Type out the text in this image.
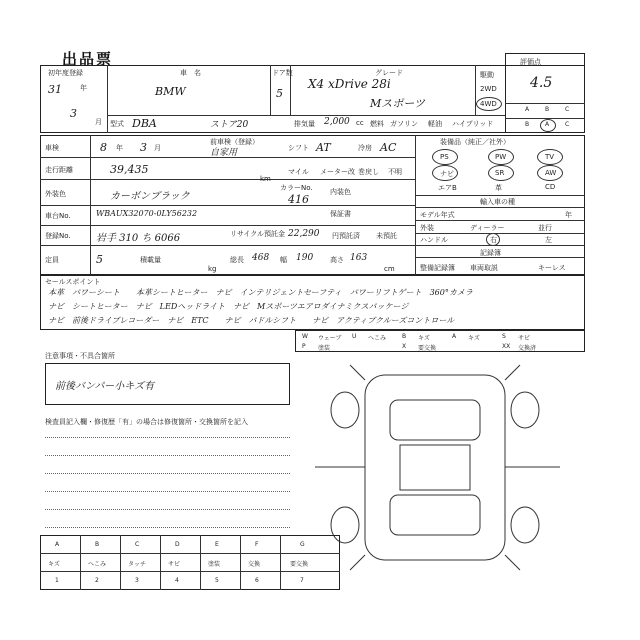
出品票
初年度登録
31	年
3
月
車　名
BMW
ドア数
5
グレード
X4 xDrive 28i
Mスポーツ
駆動
2WD
4WD
評価点
4.5
A	B	C
B	A	C
型式 DBA	ストア20	排気量 2,000 cc 燃料 ガソリン 軽油 ハイブリッド
車検	8 年 3 月
前車検（登録）
自家用	シフト AT	冷房 AC
走行距離	39,435
km
マイル メーター改 巻戻し 不明
外装色	カーボンブラック
カラーNo.
416
内装色
車台No.	WBAUX32070-0LY56232	保証書
登録No.	岩手 310 ち 6066	リサイクル預託金 22,290 円預託済 未預託
定員	5	積載量
kg
総長 468 幅 190 高さ 163
cm
装備品（純正／社外）
PS	PW	TV
ナビ	SR	AW
エアB	革	CD
輸入車の種
モデル年式	年
外装	ディーラー	並行
ハンドル	右	左
記録簿
整備記録簿 車両取説	キーレス
セールスポイント
本革　パワーシート　　本革シートヒーター　ナビ　インテリジェントセーフティ　パワーリフトゲート　360°カメラ
ナビ　シートヒーター　ナビ　LEDヘッドライト　ナビ　Mスポーツエアロダイナミクスパッケージ
ナビ　前後ドライブレコーダー　ナビ　ETC　　ナビ　パドルシフト　　ナビ　アクティブクルーズコントロール
W ウェーブ U へこみ	B キズ	A キズ	S サビ
P 塗装	X 要交換	XX 交換済
注意事項・不具合箇所
前後バンパー小キズ有
検査員記入欄・修復歴「有」の場合は修復箇所・交換箇所を記入
A	B	C	D	E	F	G
キズ	へこみ	タッチ	サビ	塗装	交換	要交換
1	2	3	4	5	6	7
